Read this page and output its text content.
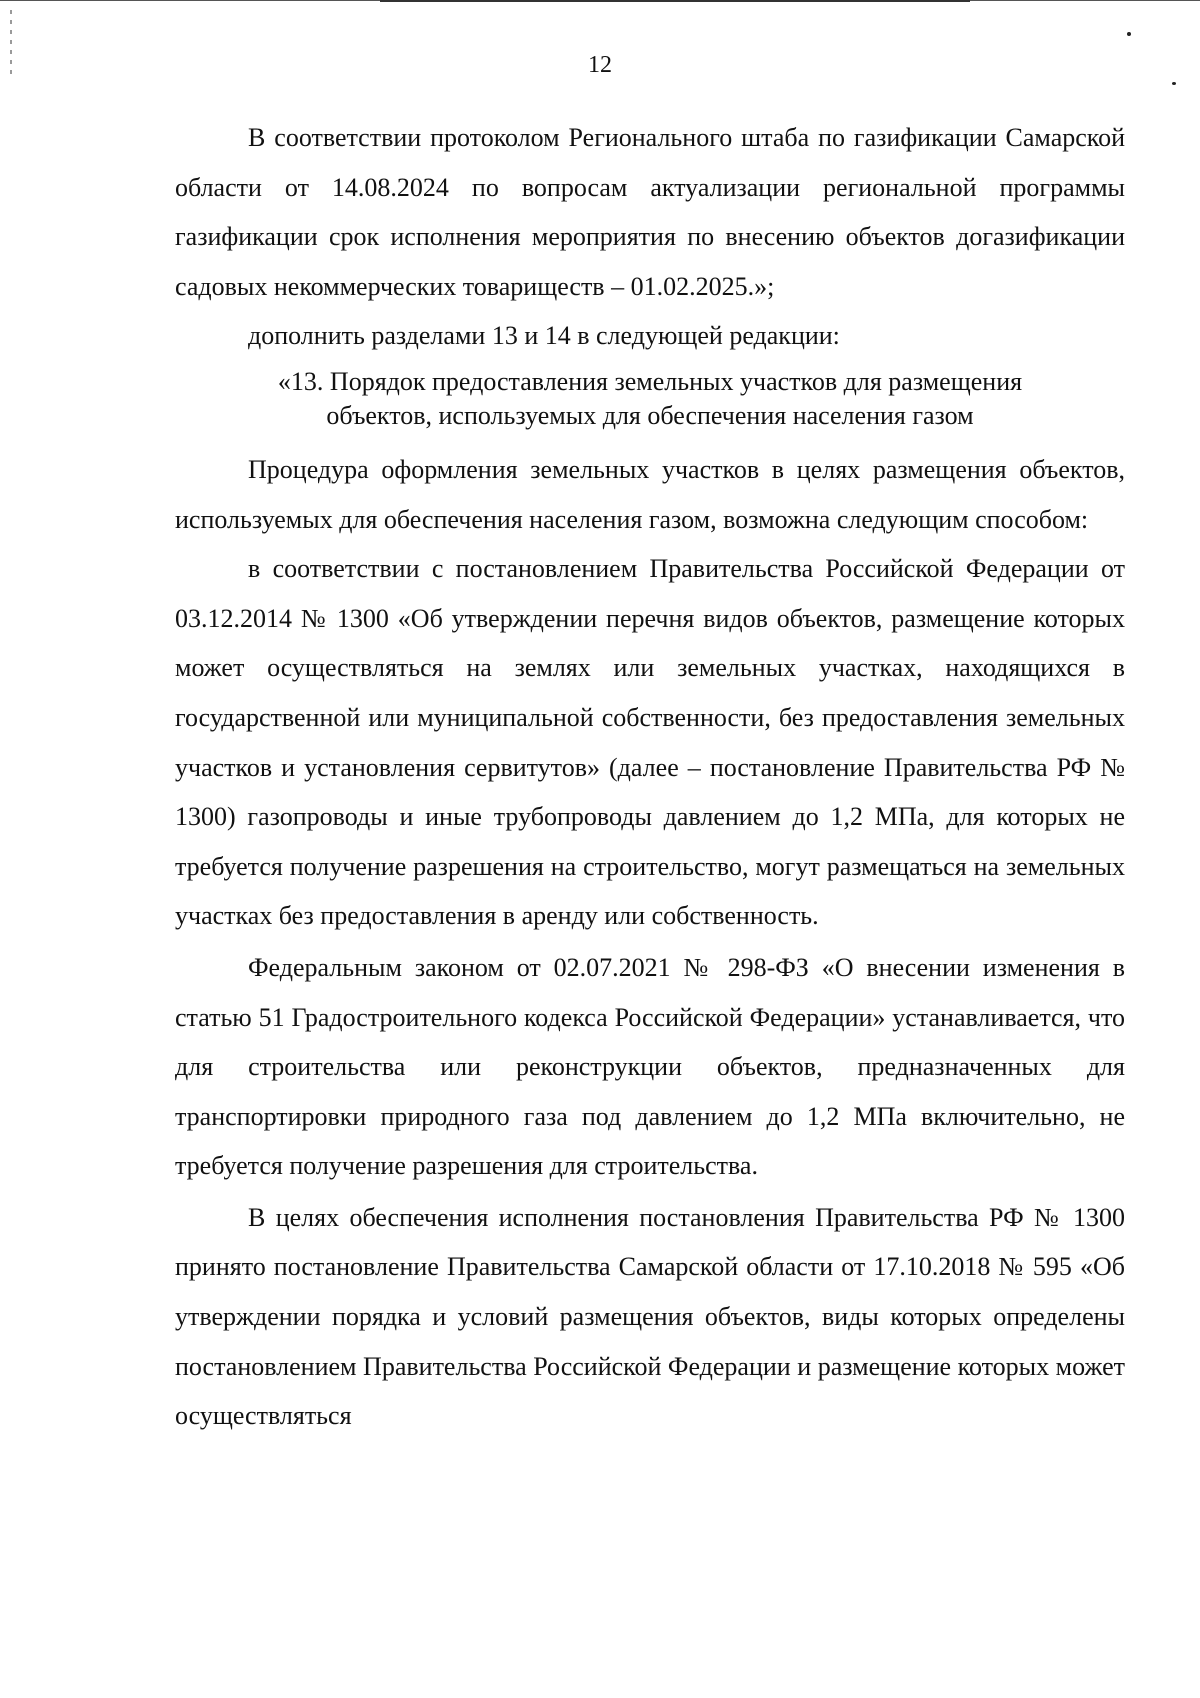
12

В соответствии протоколом Регионального штаба по газификации Самарской области от 14.08.2024 по вопросам актуализации региональной программы газификации срок исполнения мероприятия по внесению объектов догазификации садовых некоммерческих товариществ – 01.02.2025.»;

дополнить разделами 13 и 14 в следующей редакции:

«13. Порядок предоставления земельных участков для размещения
объектов, используемых для обеспечения населения газом

Процедура оформления земельных участков в целях размещения объектов, используемых для обеспечения населения газом, возможна следующим способом:

в соответствии с постановлением Правительства Российской Федерации от 03.12.2014 № 1300 «Об утверждении перечня видов объектов, размещение которых может осуществляться на землях или земельных участках, находящихся в государственной или муниципальной собственности, без предоставления земельных участков и установления сервитутов» (далее – постановление Правительства РФ № 1300) газопроводы и иные трубопроводы давлением до 1,2 МПа, для которых не требуется получение разрешения на строительство, могут размещаться на земельных участках без предоставления в аренду или собственность.

Федеральным законом от 02.07.2021 № 298-ФЗ «О внесении изменения в статью 51 Градостроительного кодекса Российской Федерации» устанавливается, что для строительства или реконструкции объектов, предназначенных для транспортировки природного газа под давлением до 1,2 МПа включительно, не требуется получение разрешения для строительства.

В целях обеспечения исполнения постановления Правительства РФ № 1300 принято постановление Правительства Самарской области от 17.10.2018 № 595 «Об утверждении порядка и условий размещения объектов, виды которых определены постановлением Правительства Российской Федерации и размещение которых может осуществляться
